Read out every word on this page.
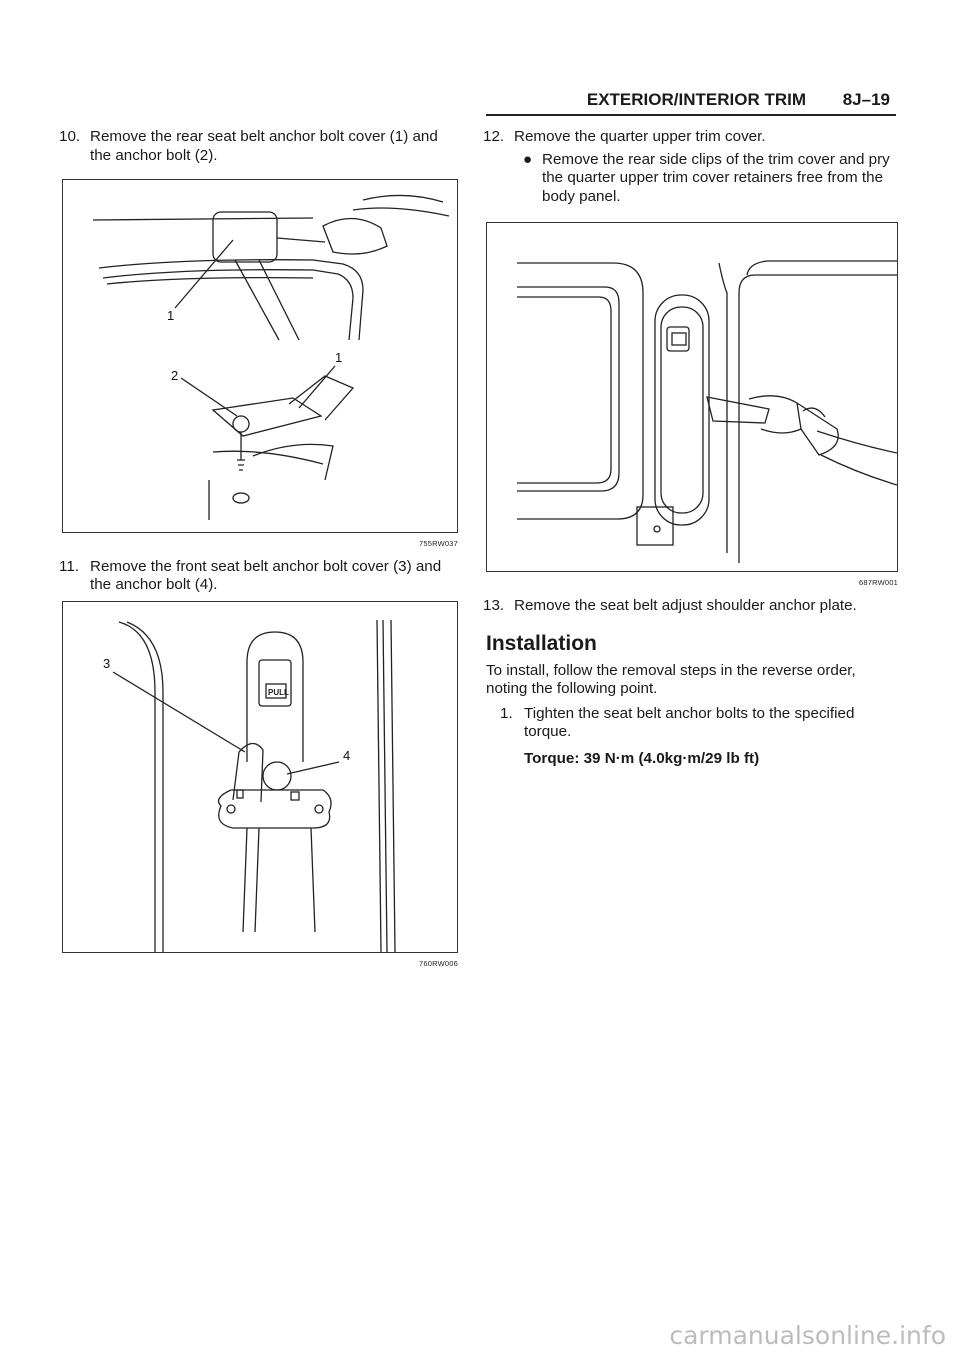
EXTERIOR/INTERIOR TRIM 8J–19
10. Remove the rear seat belt anchor bolt cover (1) and the anchor bolt (2).
1
2
1
755RW037
11. Remove the front seat belt anchor bolt cover (3) and the anchor bolt (4).
3
4
PULL
760RW006
12. Remove the quarter upper trim cover.
● Remove the rear side clips of the trim cover and pry the quarter upper trim cover retainers free from the body panel.
687RW001
13. Remove the seat belt adjust shoulder anchor plate.
Installation

To install, follow the removal steps in the reverse order, noting the following point.

1. Tighten the seat belt anchor bolts to the specified torque.
Torque: 39 N·m (4.0kg·m/29 lb ft)
carmanualsonline.info
